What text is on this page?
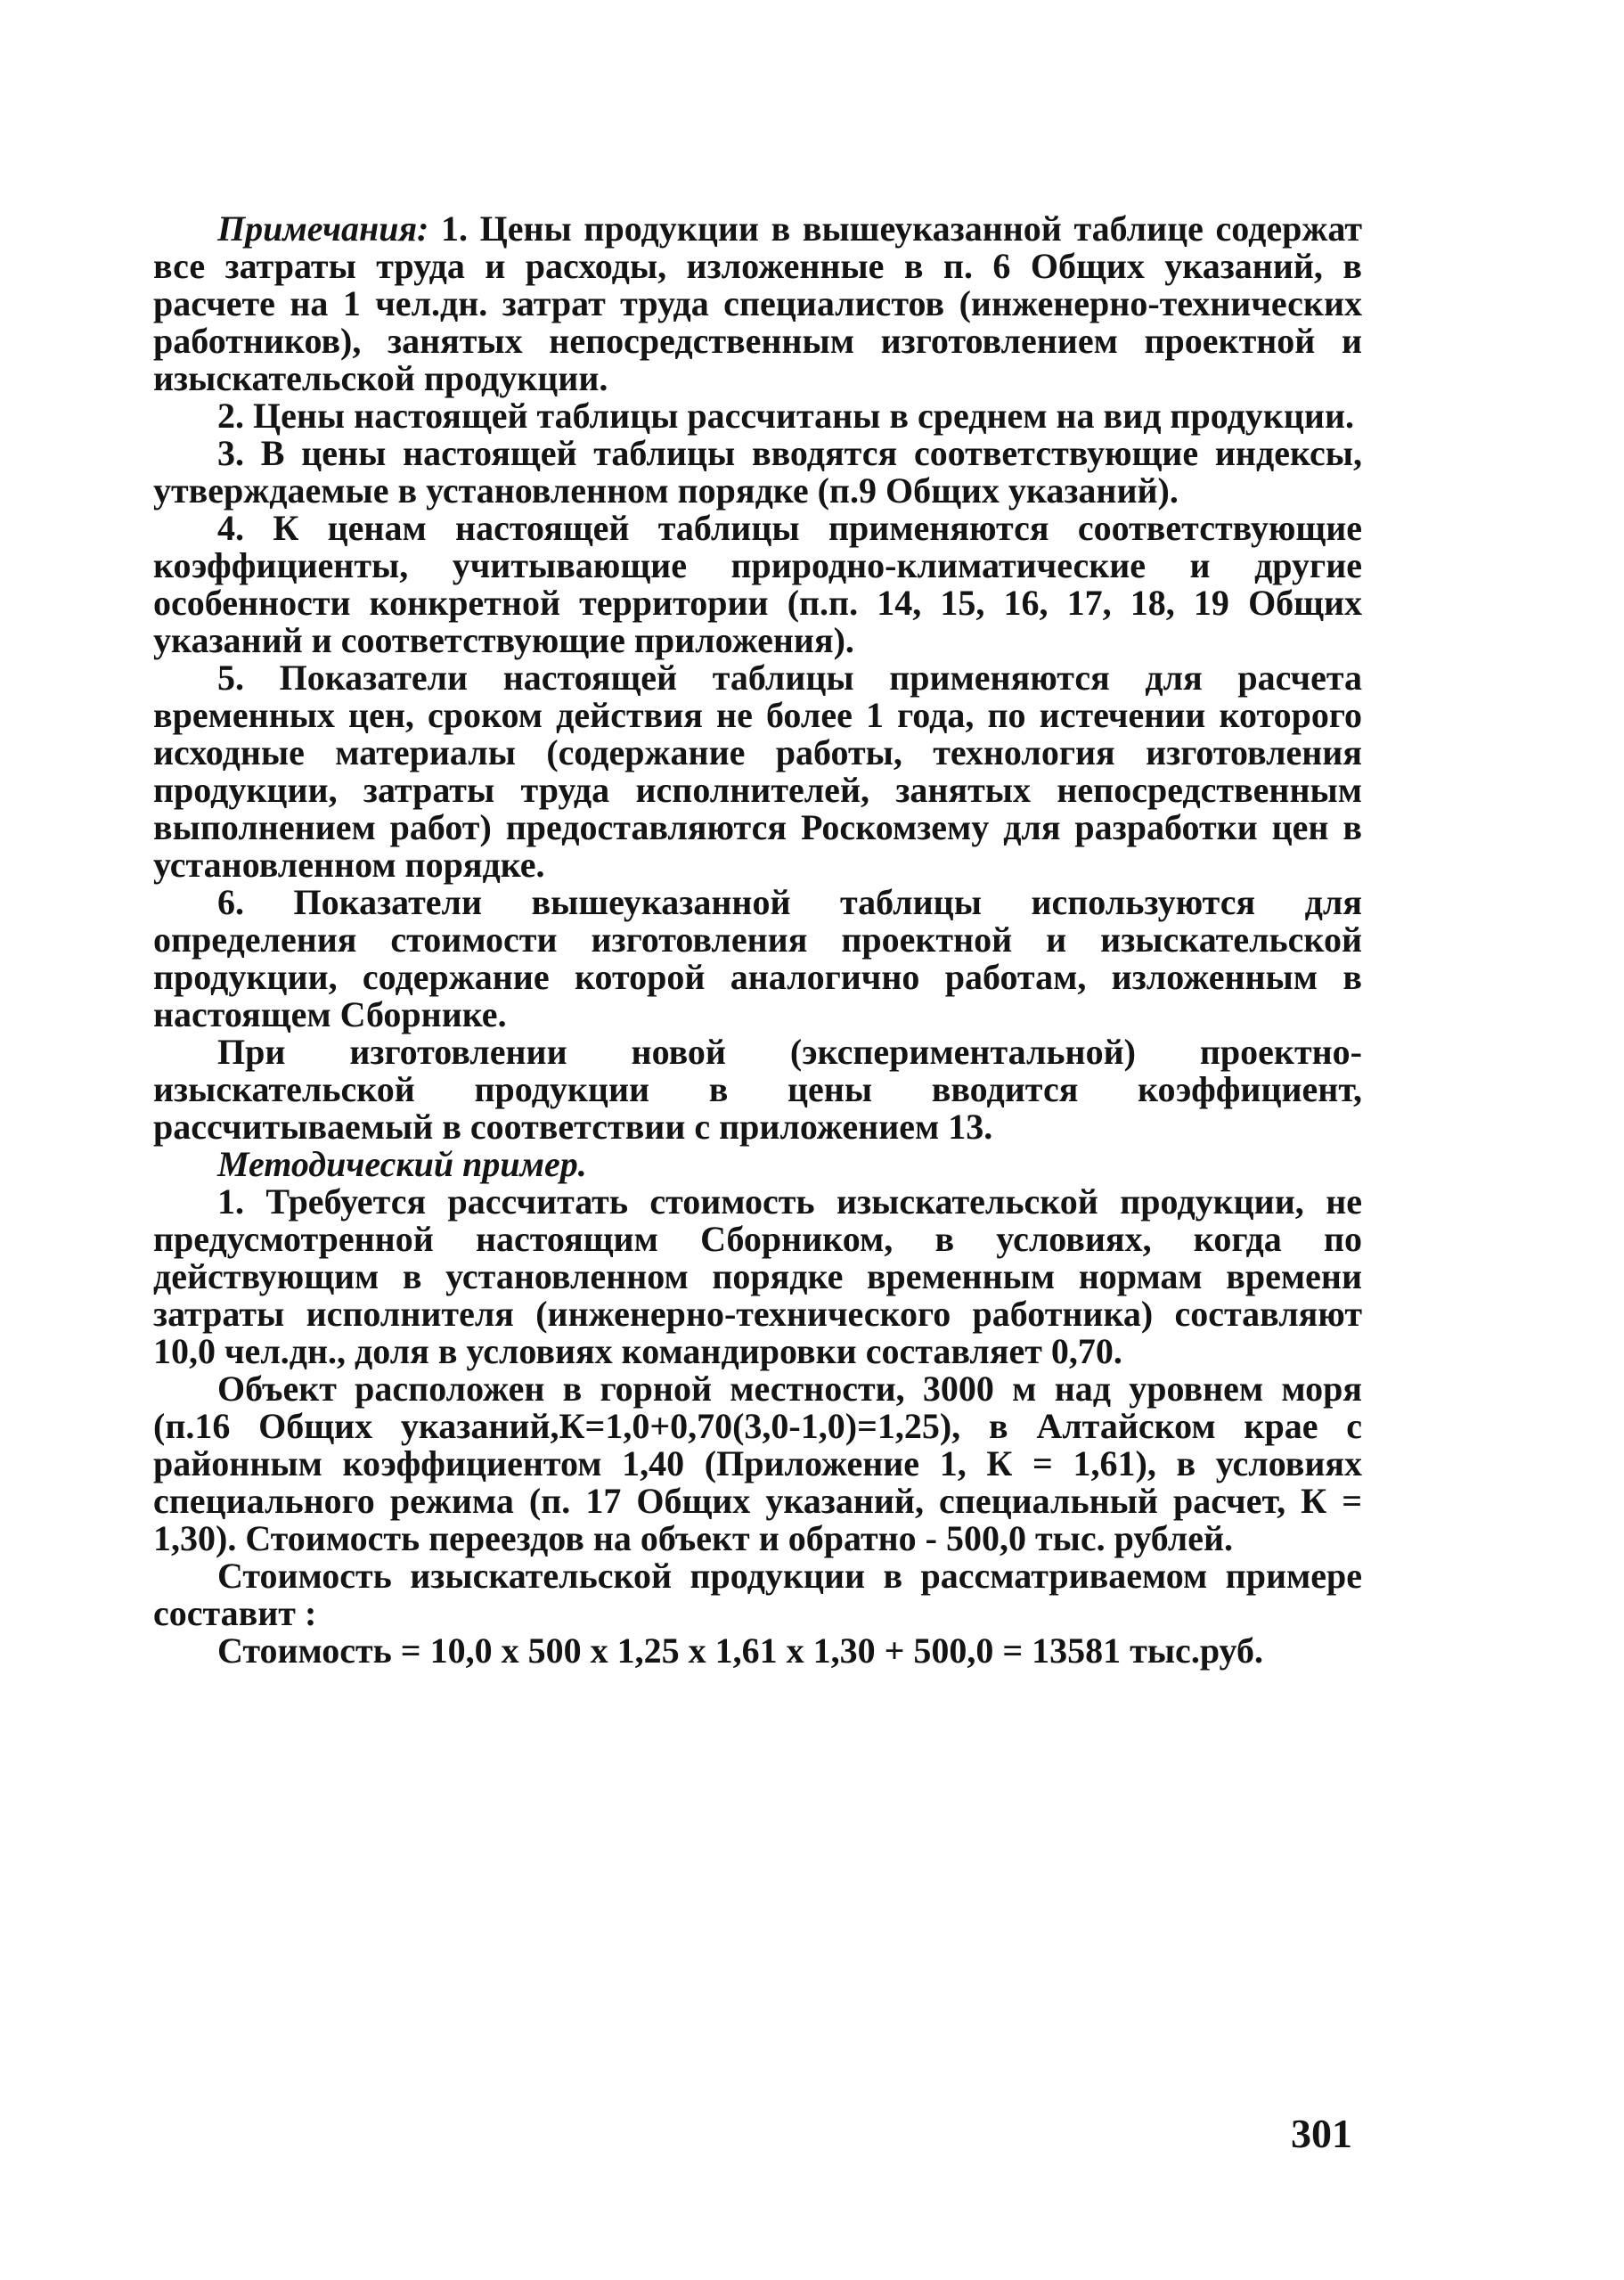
Примечания: 1. Цены продукции в вышеуказанной таблице содержат все затраты труда и расходы, изложенные в п. 6 Общих указаний, в расчете на 1 чел.дн. затрат труда специалистов (инженерно-технических работников), занятых непосредственным изготовлением проектной и изыскательской продукции.

2. Цены настоящей таблицы рассчитаны в среднем на вид продукции.

3. В цены настоящей таблицы вводятся соответствующие индексы, утверждаемые в установленном порядке (п.9 Общих указаний).

4. К ценам настоящей таблицы применяются соответствующие коэффициенты, учитывающие природно-климатические и другие особенности конкретной территории (п.п. 14, 15, 16, 17, 18, 19 Общих указаний и соответствующие приложения).

5. Показатели настоящей таблицы применяются для расчета временных цен, сроком действия не более 1 года, по истечении которого исходные материалы (содержание работы, технология изготовления продукции, затраты труда исполнителей, занятых непосредственным выполнением работ) предоставляются Роскомзему для разработки цен в установленном порядке.

6. Показатели вышеуказанной таблицы используются для определения стоимости изготовления проектной и изыскательской продукции, содержание которой аналогично работам, изложенным в настоящем Сборнике.

При изготовлении новой (экспериментальной) проектно-изыскательской продукции в цены вводится коэффициент, рассчитываемый в соответствии с приложением 13.

Методический пример.

1. Требуется рассчитать стоимость изыскательской продукции, не предусмотренной настоящим Сборником, в условиях, когда по действующим в установленном порядке временным нормам времени затраты исполнителя (инженерно-технического работника) составляют 10,0 чел.дн., доля в условиях командировки составляет 0,70.

Объект расположен в горной местности, 3000 м над уровнем моря (п.16 Общих указаний,К=1,0+0,70(3,0-1,0)=1,25), в Алтайском крае с районным коэффициентом 1,40 (Приложение 1, К = 1,61), в условиях специального режима (п. 17 Общих указаний, специальный расчет, К = 1,30). Стоимость переездов на объект и обратно - 500,0 тыс. рублей.

Стоимость изыскательской продукции в рассматриваемом примере составит :

Стоимость = 10,0 х 500 х 1,25 х 1,61 х 1,30 + 500,0 = 13581 тыс.руб.

301
